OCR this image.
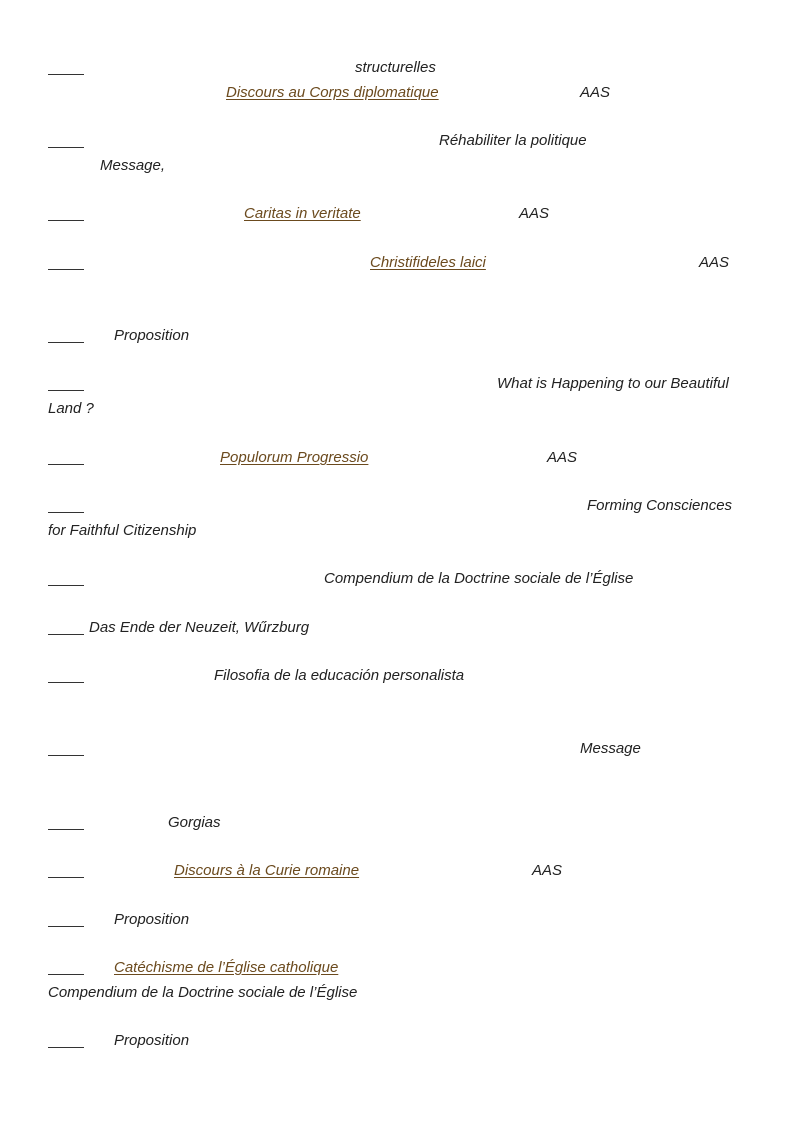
structurelles
Discours au Corps diplomatique	AAS
Réhabiliter la politique
Message,
Caritas in veritate	AAS
Christifideles laici	AAS
Proposition
What is Happening to our Beautiful
Land ?
Populorum Progressio	AAS
Forming Consciences
for Faithful Citizenship
Compendium de la Doctrine sociale de l’Église
Das Ende der Neuzeit, Wűrzburg
Filosofia de la educación personalista
Message
Gorgias
Discours à la Curie romaine	AAS
Proposition
Catéchisme de l’Église catholique
Compendium de la Doctrine sociale de l’Église
Proposition
